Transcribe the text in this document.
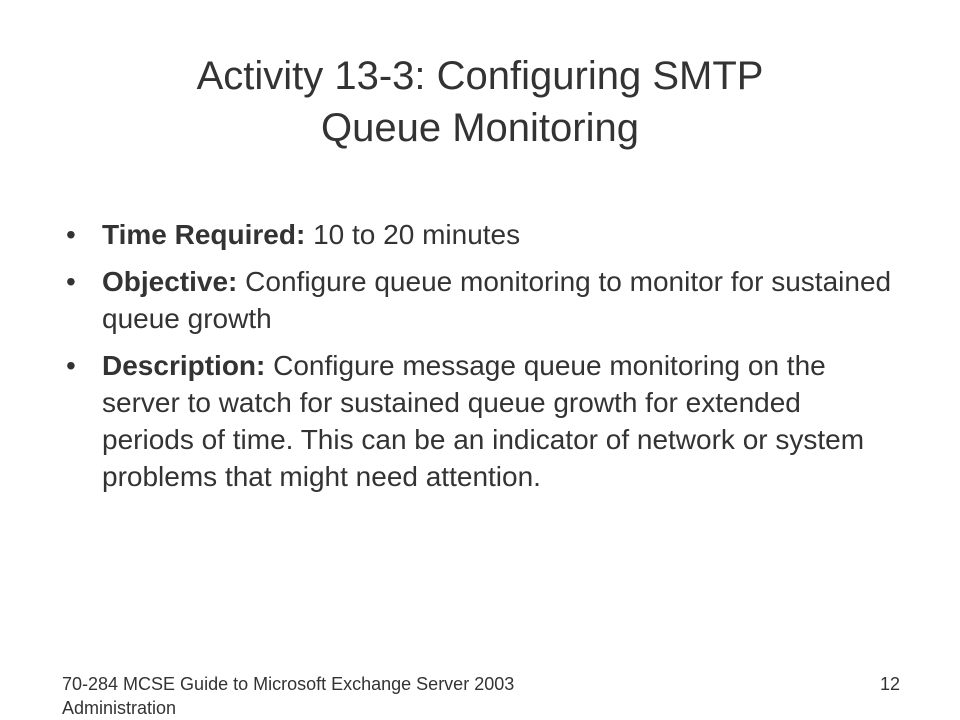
Activity 13-3: Configuring SMTP
Queue Monitoring
• Time Required: 10 to 20 minutes
• Objective: Configure queue monitoring to monitor for sustained queue growth
• Description: Configure message queue monitoring on the server to watch for sustained queue growth for extended periods of time. This can be an indicator of network or system problems that might need attention.
70-284 MCSE Guide to Microsoft Exchange Server 2003 Administration
12
